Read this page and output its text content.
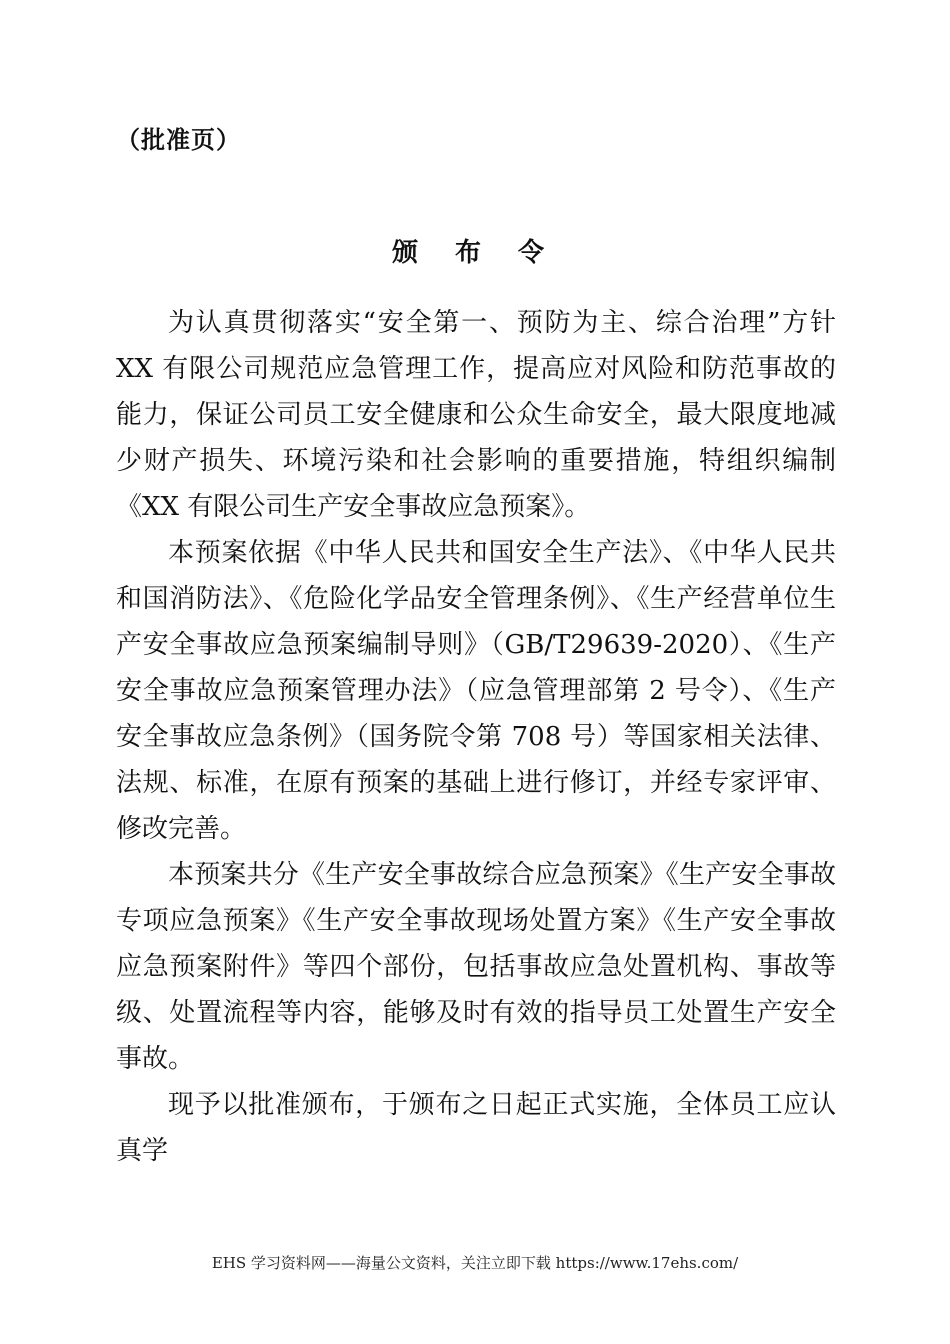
（批准页）
颁 布 令

为认真贯彻落实“安全第一、预防为主、综合治理”方针 XX 有限公司规范应急管理工作，提高应对风险和防范事故的能力，保证公司员工安全健康和公众生命安全，最大限度地减少财产损失、环境污染和社会影响的重要措施，特组织编制《XX 有限公司生产安全事故应急预案》。

本预案依据《中华人民共和国安全生产法》、《中华人民共和国消防法》、《危险化学品安全管理条例》、《生产经营单位生产安全事故应急预案编制导则》（GB/T29639-2020）、《生产安全事故应急预案管理办法》（应急管理部第 2 号令）、《生产安全事故应急条例》（国务院令第 708 号）等国家相关法律、法规、标准，在原有预案的基础上进行修订，并经专家评审、修改完善。

本预案共分《生产安全事故综合应急预案》《生产安全事故专项应急预案》《生产安全事故现场处置方案》《生产安全事故应急预案附件》等四个部份，包括事故应急处置机构、事故等级、处置流程等内容，能够及时有效的指导员工处置生产安全事故。

现予以批准颁布，于颁布之日起正式实施，全体员工应认真学

EHS 学习资料网——海量公文资料，关注立即下载 https://www.17ehs.com/
